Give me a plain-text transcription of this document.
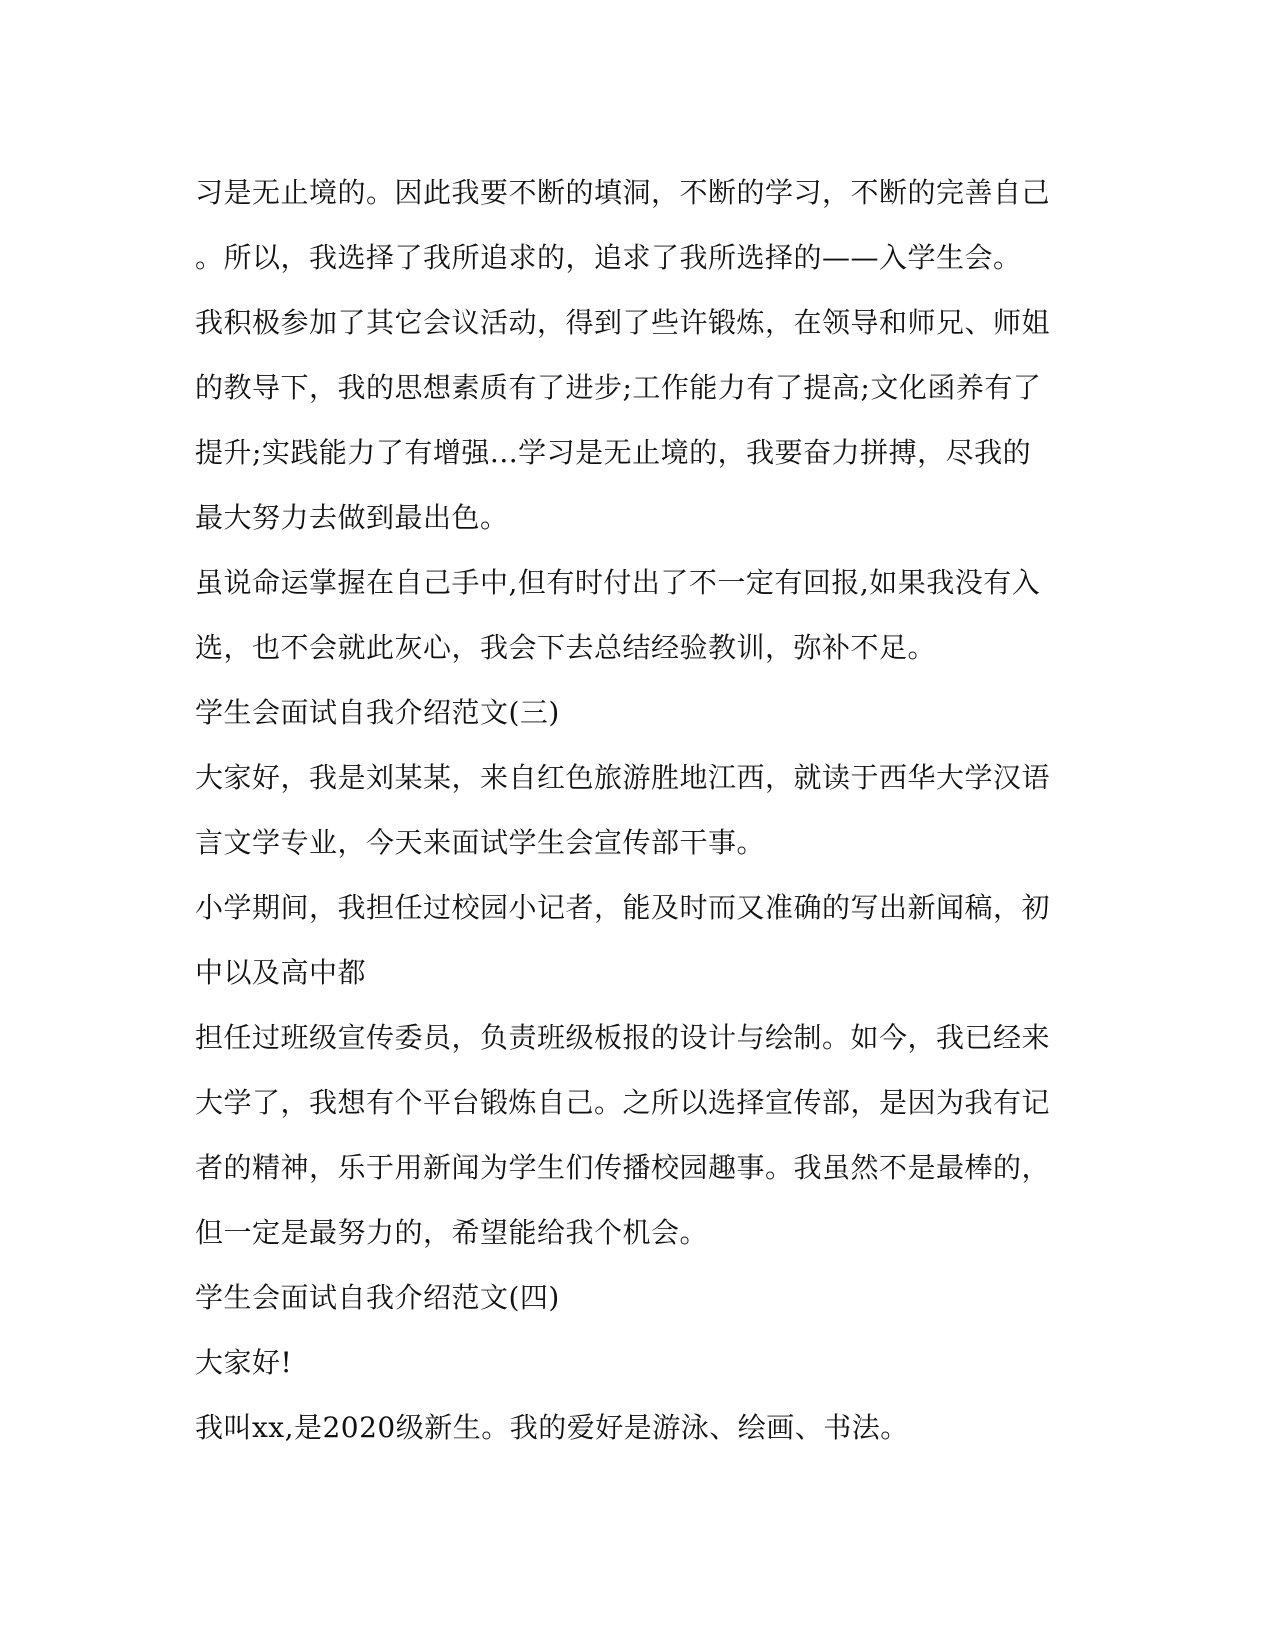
习是无止境的。因此我要不断的填洞，不断的学习，不断的完善自己
。所以，我选择了我所追求的，追求了我所选择的——入学生会。
我积极参加了其它会议活动，得到了些许锻炼，在领导和师兄、师姐
的教导下，我的思想素质有了进步;工作能力有了提高;文化函养有了
提升;实践能力了有增强...学习是无止境的，我要奋力拼搏，尽我的
最大努力去做到最出色。
虽说命运掌握在自己手中,但有时付出了不一定有回报,如果我没有入
选，也不会就此灰心，我会下去总结经验教训，弥补不足。
学生会面试自我介绍范文(三)
大家好，我是刘某某，来自红色旅游胜地江西，就读于西华大学汉语
言文学专业，今天来面试学生会宣传部干事。
小学期间，我担任过校园小记者，能及时而又准确的写出新闻稿，初
中以及高中都
担任过班级宣传委员，负责班级板报的设计与绘制。如今，我已经来
大学了，我想有个平台锻炼自己。之所以选择宣传部，是因为我有记
者的精神，乐于用新闻为学生们传播校园趣事。我虽然不是最棒的，
但一定是最努力的，希望能给我个机会。
学生会面试自我介绍范文(四)
大家好!
我叫xx,是2020级新生。我的爱好是游泳、绘画、书法。
